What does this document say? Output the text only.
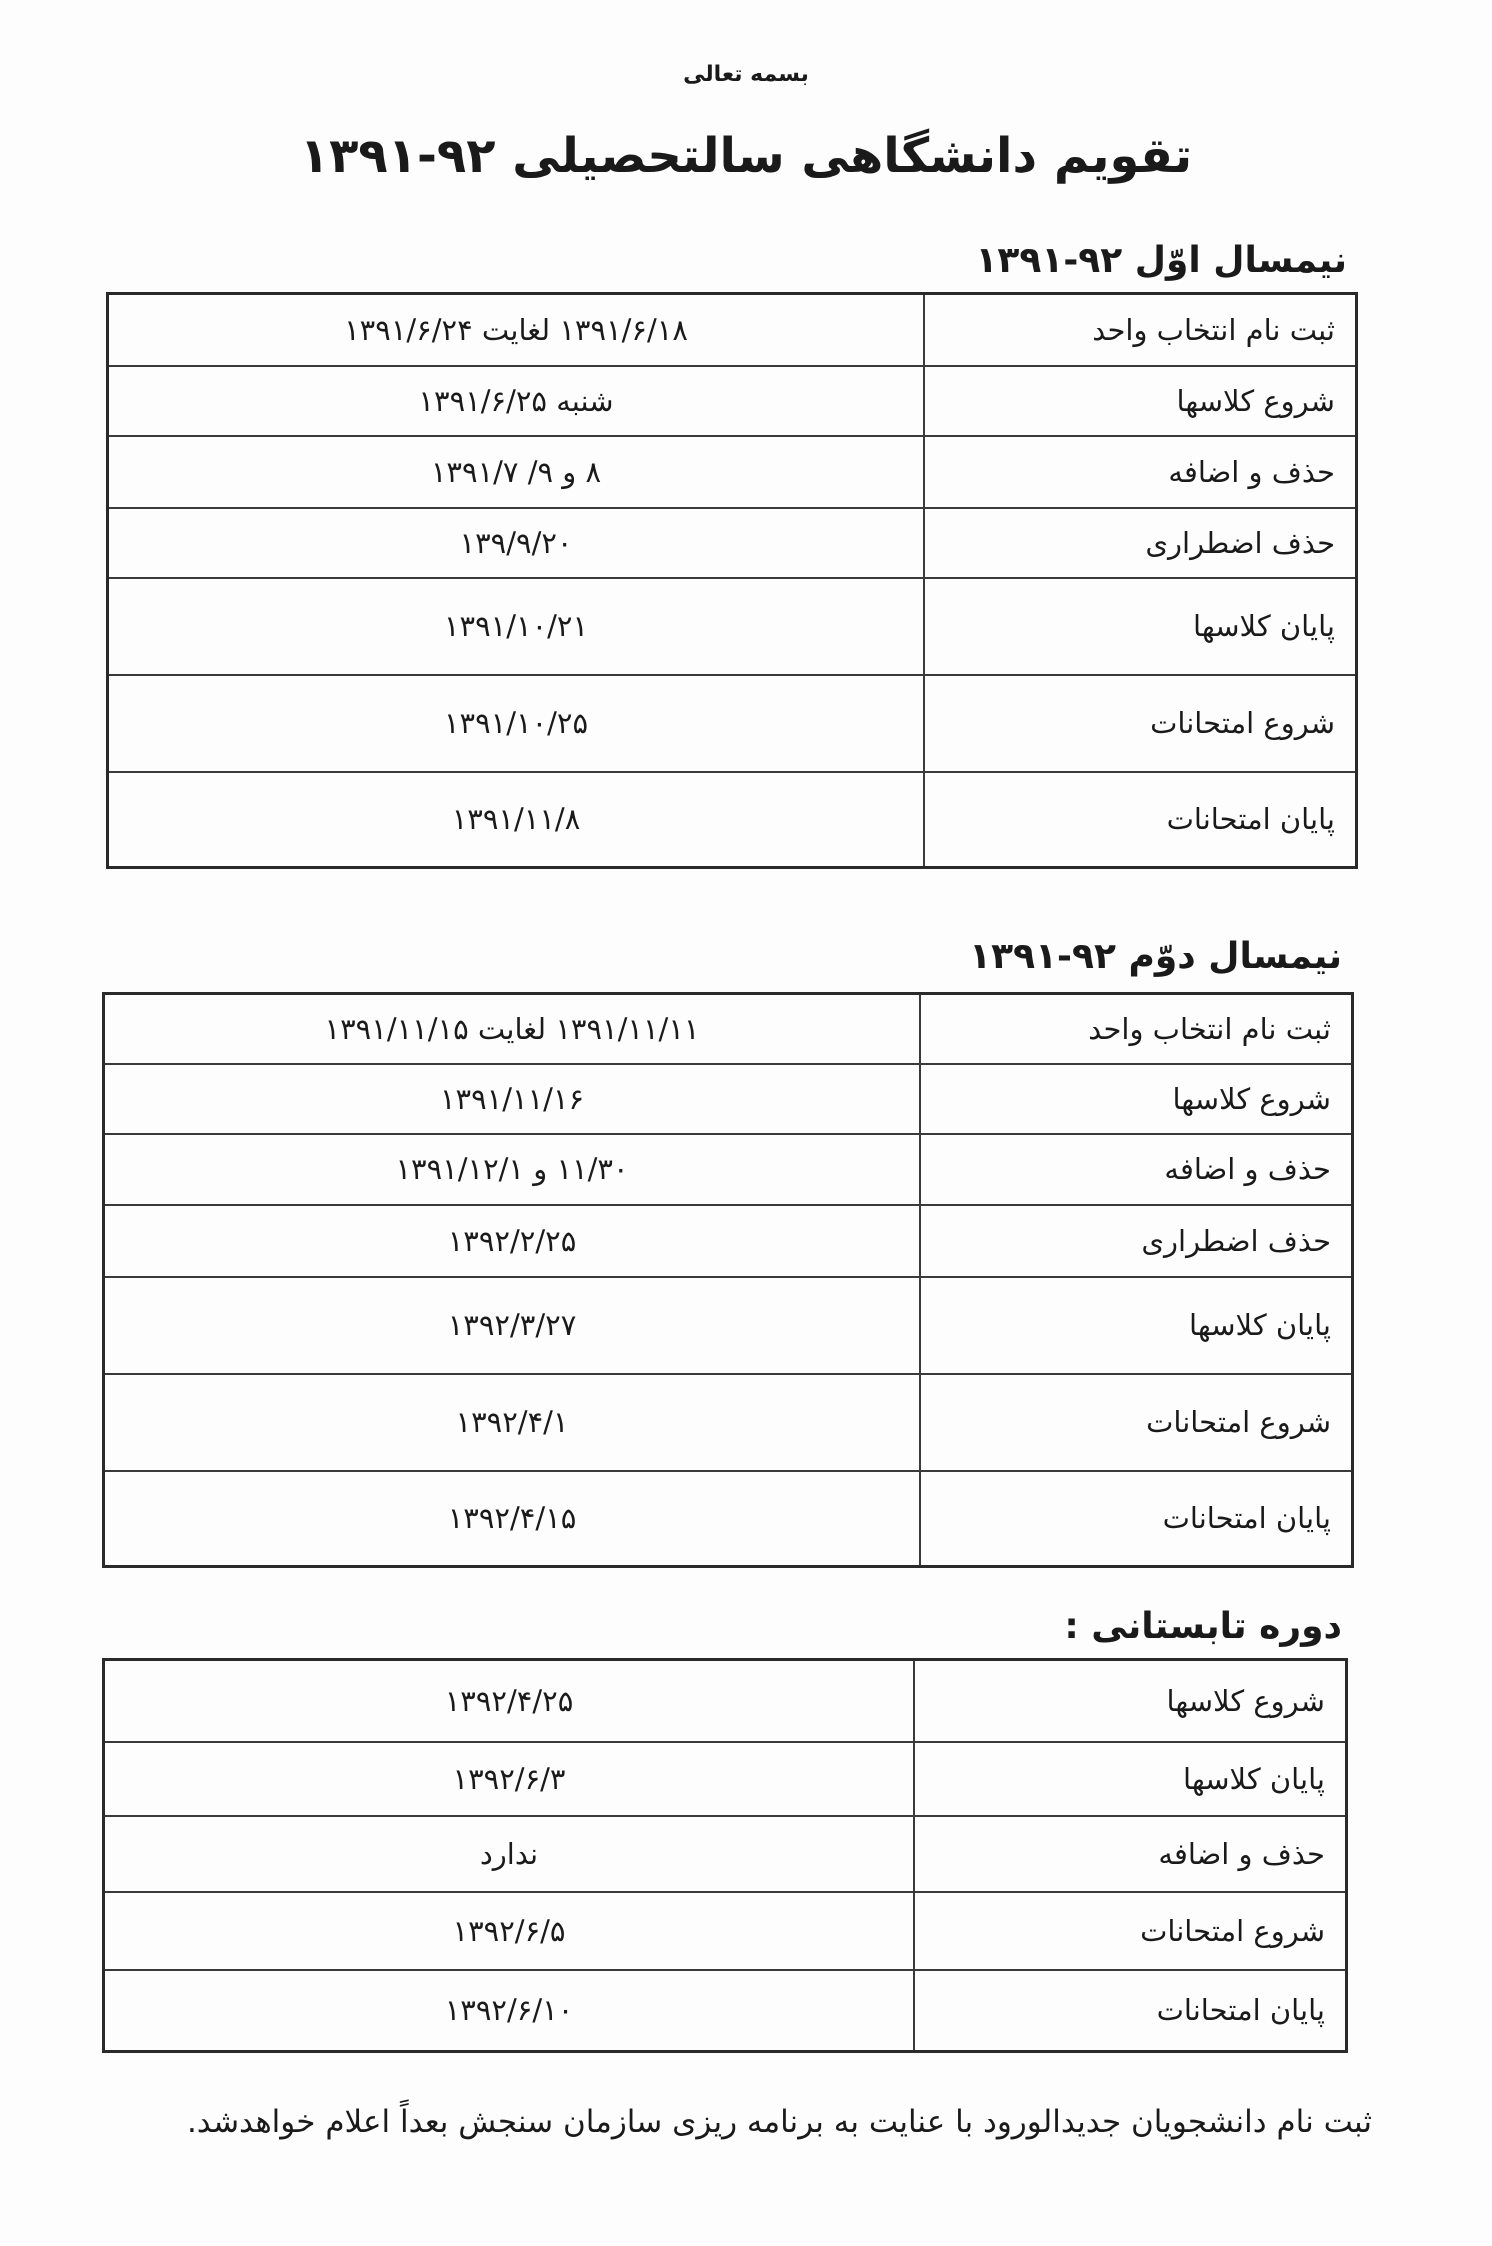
بسمه تعالی
تقویم دانشگاهی سالتحصیلی ۹۲-۱۳۹۱
نیمسال اوّل ۹۲-۱۳۹۱
ثبت نام انتخاب واحد	۱۳۹۱/۶/۱۸ لغایت ۱۳۹۱/۶/۲۴
شروع کلاسها	شنبه ۱۳۹۱/۶/۲۵
حذف و اضافه	۸ و ۹/ ۱۳۹۱/۷
حذف اضطراری	۱۳۹/۹/۲۰
پایان کلاسها	۱۳۹۱/۱۰/۲۱
شروع امتحانات	۱۳۹۱/۱۰/۲۵
پایان امتحانات	۱۳۹۱/۱۱/۸
نیمسال دوّم ۹۲-۱۳۹۱
ثبت نام انتخاب واحد	۱۳۹۱/۱۱/۱۱ لغایت ۱۳۹۱/۱۱/۱۵
شروع کلاسها	۱۳۹۱/۱۱/۱۶
حذف و اضافه	۱۱/۳۰ و ۱۳۹۱/۱۲/۱
حذف اضطراری	۱۳۹۲/۲/۲۵
پایان کلاسها	۱۳۹۲/۳/۲۷
شروع امتحانات	۱۳۹۲/۴/۱
پایان امتحانات	۱۳۹۲/۴/۱۵
دوره تابستانی :
شروع کلاسها	۱۳۹۲/۴/۲۵
پایان کلاسها	۱۳۹۲/۶/۳
حذف و اضافه	ندارد
شروع امتحانات	۱۳۹۲/۶/۵
پایان امتحانات	۱۳۹۲/۶/۱۰
ثبت نام دانشجویان جدیدالورود با عنایت به برنامه ریزی سازمان سنجش بعداً اعلام خواهدشد.
